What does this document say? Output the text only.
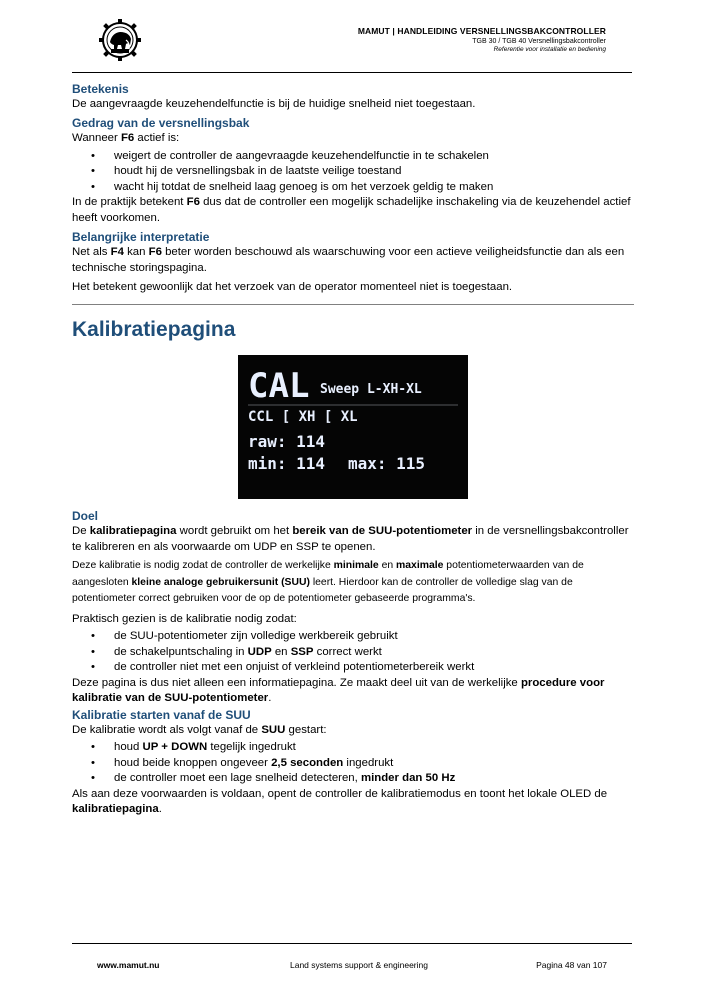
MAMUT | HANDLEIDING VERSNELLINGSBAKCONTROLLER
TGB 30 / TGB 40 Versnellingsbakcontroller
Referentie voor installatie en bediening
Betekenis

De aangevraagde keuzehendelfunctie is bij de huidige snelheid niet toegestaan.

Gedrag van de versnellingsbak

Wanneer F6 actief is:

• weigert de controller de aangevraagde keuzehendelfunctie in te schakelen
• houdt hij de versnellingsbak in de laatste veilige toestand
• wacht hij totdat de snelheid laag genoeg is om het verzoek geldig te maken

In de praktijk betekent F6 dus dat de controller een mogelijk schadelijke inschakeling via de keuzehendel actief heeft voorkomen.

Belangrijke interpretatie

Net als F4 kan F6 beter worden beschouwd als waarschuwing voor een actieve veiligheidsfunctie dan als een technische storingspagina.

Het betekent gewoonlijk dat het verzoek van de operator momenteel niet is toegestaan.

Kalibratiepagina
CAL Sweep L-XH-XL
CCL [ XH [ XL
raw: 114
min: 114 max: 115
Doel

De kalibratiepagina wordt gebruikt om het bereik van de SUU-potentiometer in de versnellingsbakcontroller te kalibreren en als voorwaarde om UDP en SSP te openen.

Deze kalibratie is nodig zodat de controller de werkelijke minimale en maximale potentiometerwaarden van de aangesloten kleine analoge gebruikersunit (SUU) leert. Hierdoor kan de controller de volledige slag van de potentiometer correct gebruiken voor de op de potentiometer gebaseerde programma's.

Praktisch gezien is de kalibratie nodig zodat:

• de SUU-potentiometer zijn volledige werkbereik gebruikt
• de schakelpuntschaling in UDP en SSP correct werkt
• de controller niet met een onjuist of verkleind potentiometerbereik werkt

Deze pagina is dus niet alleen een informatiepagina. Ze maakt deel uit van de werkelijke procedure voor kalibratie van de SUU-potentiometer.

Kalibratie starten vanaf de SUU

De kalibratie wordt als volgt vanaf de SUU gestart:

• houd UP + DOWN tegelijk ingedrukt
• houd beide knoppen ongeveer 2,5 seconden ingedrukt
• de controller moet een lage snelheid detecteren, minder dan 50 Hz

Als aan deze voorwaarden is voldaan, opent de controller de kalibratiemodus en toont het lokale OLED de kalibratiepagina.

www.mamut.nu	Land systems support & engineering	Pagina 48 van 107
